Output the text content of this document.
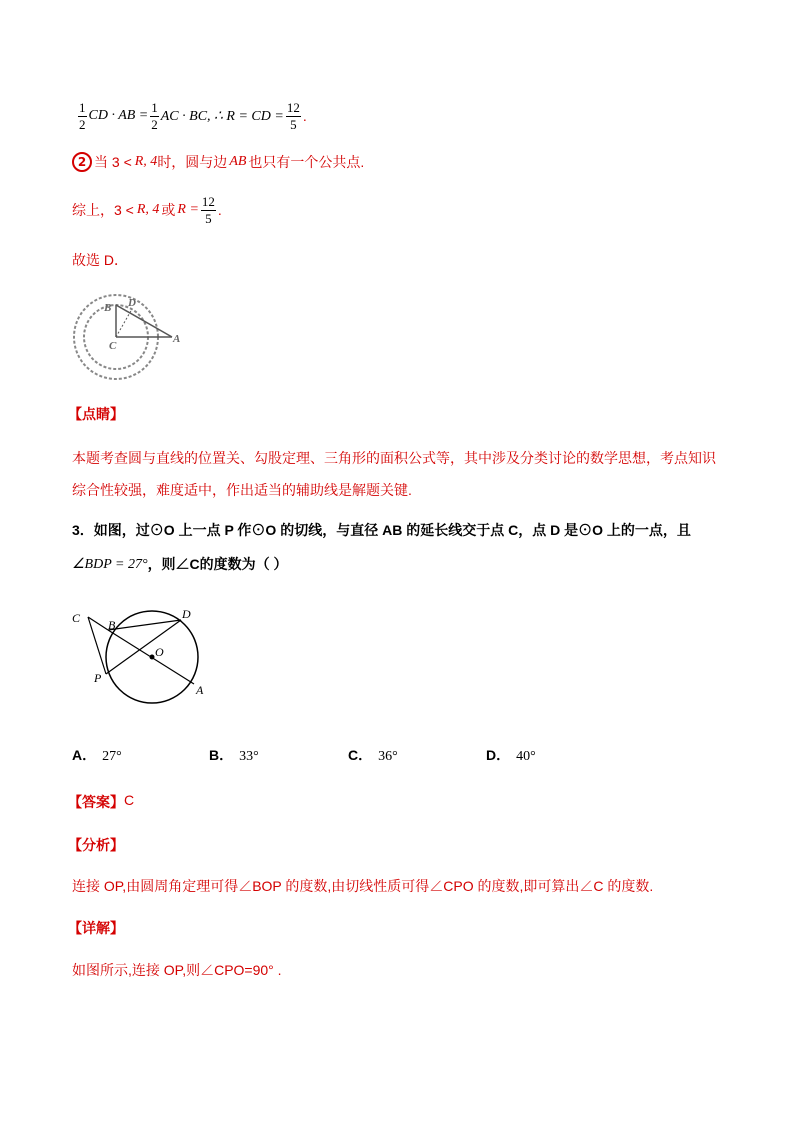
$\frac{1}{2}$ CD · AB = $\frac{1}{2}$ AC · BC, ∴ R = CD = $\frac{12}{5}$ .
2 当 3 < R, 4 时，圆与边 AB 也只有一个公共点.
综上，3 < R, 4 或 $R = \frac{12}{5}$ .
故选 D．
B D
C
A
【点睛】
本题考查圆与直线的位置关、勾股定理、三角形的面积公式等，其中涉及分类讨论的数学思想，考点知识
综合性较强，难度适中，作出适当的辅助线是解题关键.
3．如图，过⊙O 上一点 P 作⊙O 的切线，与直径 AB 的延长线交于点 C，点 D 是⊙O 上的一点，且
∠BDP = 27° ，则∠C的度数为（ ）
C B
D
O
P
A
A． 27°	B． 33°	C． 36°	D． 40°
【答案】 C
【分析】
连接 OP,由圆周角定理可得∠BOP 的度数,由切线性质可得∠CPO 的度数,即可算出∠C 的度数.
【详解】
如图所示,连接 OP,则∠CPO=90° .
